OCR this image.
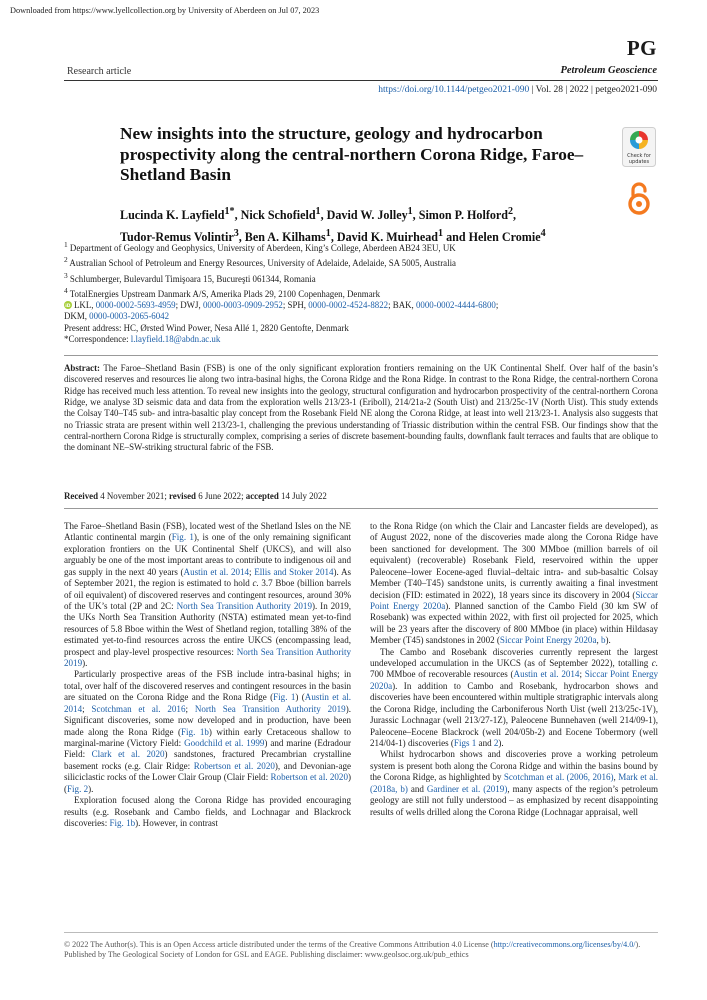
Downloaded from https://www.lyellcollection.org by University of Aberdeen on Jul 07, 2023
PG
Research article	Petroleum Geoscience
https://doi.org/10.1144/petgeo2021-090 | Vol. 28 | 2022 | petgeo2021-090
New insights into the structure, geology and hydrocarbon prospectivity along the central-northern Corona Ridge, Faroe–Shetland Basin
Check for
updates
Lucinda K. Layfield$^{1*}$, Nick Schofield$^1$, David W. Jolley$^1$, Simon P. Holford$^2$,
Tudor-Remus Volintir$^3$, Ben A. Kilhams$^1$, David K. Muirhead$^1$ and Helen Cromie$^4$
$^1$ Department of Geology and Geophysics, University of Aberdeen, King’s College, Aberdeen AB24 3EU, UK
$^2$ Australian School of Petroleum and Energy Resources, University of Adelaide, Adelaide, SA 5005, Australia
$^3$ Schlumberger, Bulevardul Timişoara 15, Bucureşti 061344, Romania
$^4$ TotalEnergies Upstream Danmark A/S, Amerika Plads 29, 2100 Copenhagen, Denmark
iDLKL, 0000-0002-5693-4959; DWJ, 0000-0003-0909-2952; SPH, 0000-0002-4524-8822; BAK, 0000-0002-4444-6800;
DKM, 0000-0003-2065-6042
Present address: HC, Ørsted Wind Power, Nesa Allé 1, 2820 Gentofte, Denmark
*Correspondence: l.layfield.18@abdn.ac.uk
Abstract: The Faroe–Shetland Basin (FSB) is one of the only significant exploration frontiers remaining on the UK Continental Shelf. Over half of the basin’s discovered reserves and resources lie along two intra-basinal highs, the Corona Ridge and the Rona Ridge. In contrast to the Rona Ridge, the central-northern Corona Ridge has received much less attention. To reveal new insights into the geology, structural configuration and hydrocarbon prospectivity of the central-northern Corona Ridge, we analyse 3D seismic data and data from the exploration wells 213/23-1 (Eriboll), 214/21a-2 (South Uist) and 213/25c-1V (North Uist). This study extends the Colsay T40–T45 sub- and intra-basaltic play concept from the Rosebank Field NE along the Corona Ridge, at least into well 213/23-1. Analysis also suggests that no Triassic strata are present within well 213/23-1, challenging the previous understanding of Triassic distribution within the central FSB. Our findings show that the central-northern Corona Ridge is structurally complex, comprising a series of discrete basement-bounding faults, downflank fault terraces and faults that are oblique to the dominant NE–SW-striking structural fabric of the FSB.
Received 4 November 2021; revised 6 June 2022; accepted 14 July 2022

The Faroe–Shetland Basin (FSB), located west of the Shetland Isles on the NE Atlantic continental margin (Fig. 1), is one of the only remaining significant exploration frontiers on the UK Continental Shelf (UKCS), and will also arguably be one of the most important areas to contribute to indigenous oil and gas supply in the next 40 years (Austin et al. 2014; Ellis and Stoker 2014). As of September 2021, the region is estimated to hold c. 3.7 Bboe (billion barrels of oil equivalent) of discovered reserves and contingent resources, around 30% of the UK’s total (2P and 2C: North Sea Transition Authority 2019). In 2019, the UKs North Sea Transition Authority (NSTA) estimated mean yet-to-find resources of 5.8 Bboe within the West of Shetland region, totalling 38% of the estimated yet-to-find resources across the entire UKCS (encompassing lead, prospect and play-level prospective resources: North Sea Transition Authority 2019).

Particularly prospective areas of the FSB include intra-basinal highs; in total, over half of the discovered reserves and contingent resources in the basin are situated on the Corona Ridge and the Rona Ridge (Fig. 1) (Austin et al. 2014; Scotchman et al. 2016; North Sea Transition Authority 2019). Significant discoveries, some now developed and in production, have been made along the Rona Ridge (Fig. 1b) within early Cretaceous shallow to marginal-marine (Victory Field: Goodchild et al. 1999) and marine (Edradour Field: Clark et al. 2020) sandstones, fractured Precambrian crystalline basement rocks (e.g. Clair Ridge: Robertson et al. 2020), and Devonian-age siliciclastic rocks of the Lower Clair Group (Clair Field: Robertson et al. 2020) (Fig. 2).

Exploration focused along the Corona Ridge has provided encouraging results (e.g. Rosebank and Cambo fields, and Lochnagar and Blackrock discoveries: Fig. 1b). However, in contrast

to the Rona Ridge (on which the Clair and Lancaster fields are developed), as of August 2022, none of the discoveries made along the Corona Ridge have been sanctioned for development. The 300 MMboe (million barrels of oil equivalent) (recoverable) Rosebank Field, reservoired within the upper Paleocene–lower Eocene-aged fluvial–deltaic intra- and sub-basaltic Colsay Member (T40–T45) sandstone units, is currently awaiting a final investment decision (FID: estimated in 2022), 18 years since its discovery in 2004 (Siccar Point Energy 2020a). Planned sanction of the Cambo Field (30 km SW of Rosebank) was expected within 2022, with first oil projected for 2025, which will be 23 years after the discovery of 800 MMboe (in place) within Hildasay Member (T45) sandstones in 2002 (Siccar Point Energy 2020a, b).

The Cambo and Rosebank discoveries currently represent the largest undeveloped accumulation in the UKCS (as of September 2022), totalling c. 700 MMboe of recoverable resources (Austin et al. 2014; Siccar Point Energy 2020a). In addition to Cambo and Rosebank, hydrocarbon shows and discoveries have been encountered within multiple stratigraphic intervals along the Corona Ridge, including the Carboniferous North Uist (well 213/25c-1V), Jurassic Lochnagar (well 213/27-1Z), Paleocene Bunnehaven (well 214/09-1), Paleocene–Eocene Blackrock (well 204/05b-2) and Eocene Tobermory (well 214/04-1) discoveries (Figs 1 and 2).

Whilst hydrocarbon shows and discoveries prove a working petroleum system is present both along the Corona Ridge and within the basins bound by the Corona Ridge, as highlighted by Scotchman et al. (2006, 2016), Mark et al. (2018a, b) and Gardiner et al. (2019), many aspects of the region’s petroleum geology are still not fully understood – as emphasized by recent disappointing results of wells drilled along the Corona Ridge (Lochnagar appraisal, well

© 2022 The Author(s). This is an Open Access article distributed under the terms of the Creative Commons Attribution 4.0 License (http://creativecommons.org/licenses/by/4.0/). Published by The Geological Society of London for GSL and EAGE. Publishing disclaimer: www.geolsoc.org.uk/pub_ethics
